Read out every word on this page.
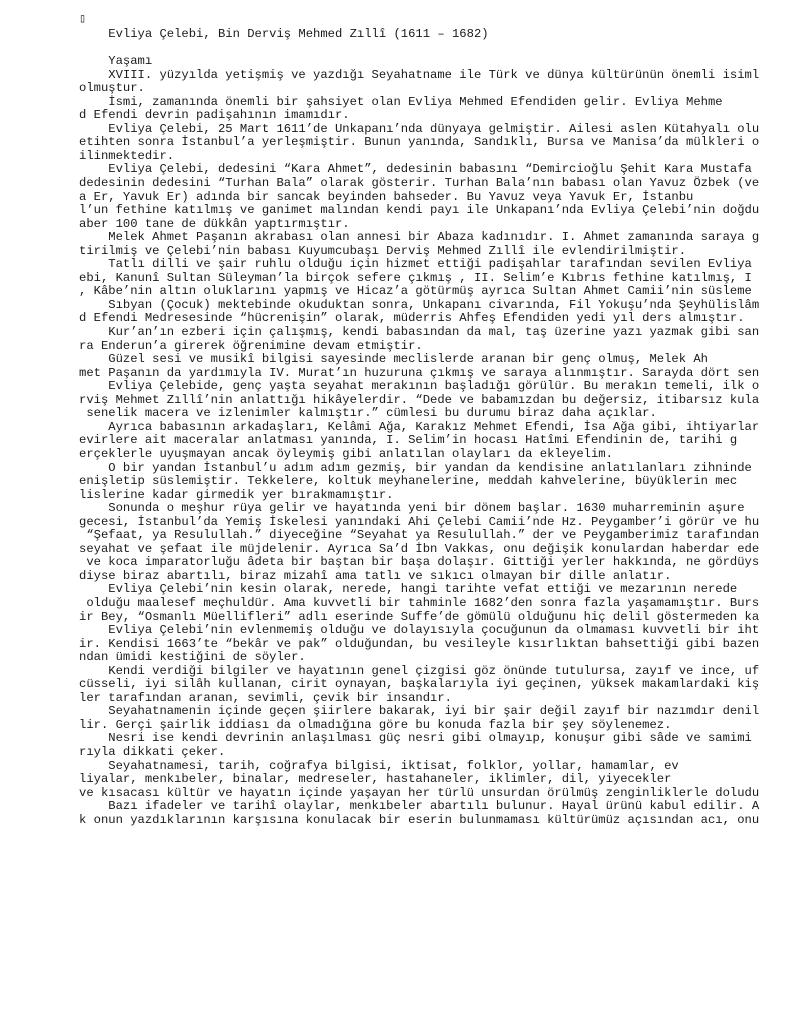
▯
Evliya Çelebi, Bin Derviş Mehmed Zıllî (1611 – 1682)
Yaşamı
XVIII. yüzyılda yetişmiş ve yazdığı Seyahatname ile Türk ve dünya kültürünün önemli isiml
olmuştur.
İsmi, zamanında önemli bir şahsiyet olan Evliya Mehmed Efendiden gelir. Evliya Mehme
d Efendi devrin padişahının imamıdır.
Evliya Çelebi, 25 Mart 1611’de Unkapanı’nda dünyaya gelmiştir. Ailesi aslen Kütahyalı olu
etihten sonra İstanbul’a yerleşmiştir. Bunun yanında, Sandıklı, Bursa ve Manisa’da mülkleri o
ilinmektedir.
Evliya Çelebi, dedesini “Kara Ahmet”, dedesinin babasını “Demircioğlu Şehit Kara Mustafa
dedesinin dedesini “Turhan Bala” olarak gösterir. Turhan Bala’nın babası olan Yavuz Özbek (ve
a Er, Yavuk Er) adında bir sancak beyinden bahseder. Bu Yavuz veya Yavuk Er, İstanbu
l’un fethine katılmış ve ganimet malından kendi payı ile Unkapanı’nda Evliya Çelebi’nin doğdu
aber 100 tane de dükkân yaptırmıştır.
Melek Ahmet Paşanın akrabası olan annesi bir Abaza kadınıdır. I. Ahmet zamanında saraya g
tirilmiş ve Çelebi’nin babası Kuyumcubaşı Derviş Mehmed Zıllî ile evlendirilmiştir.
Tatlı dilli ve şair ruhlu olduğu için hizmet ettiği padişahlar tarafından sevilen Evliya
ebi, Kanunî Sultan Süleyman’la birçok sefere çıkmış , II. Selim’e Kıbrıs fethine katılmış, I
, Kâbe’nin altın oluklarını yapmış ve Hicaz’a götürmüş ayrıca Sultan Ahmet Camii’nin süsleme
Sıbyan (Çocuk) mektebinde okuduktan sonra, Unkapanı civarında, Fil Yokuşu’nda Şeyhülislâm
d Efendi Medresesinde “hücrenişin” olarak, müderris Ahfeş Efendiden yedi yıl ders almıştır.
Kur’an’ın ezberi için çalışmış, kendi babasından da mal, taş üzerine yazı yazmak gibi san
ra Enderun’a girerek öğrenimine devam etmiştir.
Güzel sesi ve musikî bilgisi sayesinde meclislerde aranan bir genç olmuş, Melek Ah
met Paşanın da yardımıyla IV. Murat’ın huzuruna çıkmış ve saraya alınmıştır. Sarayda dört sen
Evliya Çelebide, genç yaşta seyahat merakının başladığı görülür. Bu merakın temeli, ilk o
rviş Mehmet Zıllî’nin anlattığı hikâyelerdir. “Dede ve babamızdan bu değersiz, itibarsız kula
senelik macera ve izlenimler kalmıştır.” cümlesi bu durumu biraz daha açıklar.
Ayrıca babasının arkadaşları, Kelâmi Ağa, Karakız Mehmet Efendi, İsa Ağa gibi, ihtiyarlar
evirlere ait maceralar anlatması yanında, I. Selim’in hocası Hatîmi Efendinin de, tarihi g
erçeklerle uyuşmayan ancak öyleymiş gibi anlatılan olayları da ekleyelim.
O bir yandan İstanbul’u adım adım gezmiş, bir yandan da kendisine anlatılanları zihninde
enişletip süslemiştir. Tekkelere, koltuk meyhanelerine, meddah kahvelerine, büyüklerin mec
lislerine kadar girmedik yer bırakmamıştır.
Sonunda o meşhur rüya gelir ve hayatında yeni bir dönem başlar. 1630 muharreminin aşure
gecesi, İstanbul’da Yemiş İskelesi yanındaki Ahi Çelebi Camii’nde Hz. Peygamber’i görür ve hu
“Şefaat, ya Resulullah.” diyeceğine “Seyahat ya Resulullah.” der ve Peygamberimiz tarafından
seyahat ve şefaat ile müjdelenir. Ayrıca Sa’d İbn Vakkas, onu değişik konulardan haberdar ede
ve koca imparatorluğu âdeta bir baştan bir başa dolaşır. Gittiği yerler hakkında, ne gördüys
diyse biraz abartılı, biraz mizahî ama tatlı ve sıkıcı olmayan bir dille anlatır.
Evliya Çelebi’nin kesin olarak, nerede, hangi tarihte vefat ettiği ve mezarının nerede
olduğu maalesef meçhuldür. Ama kuvvetli bir tahminle 1682’den sonra fazla yaşamamıştır. Burs
ir Bey, “Osmanlı Müellifleri” adlı eserinde Suffe’de gömülü olduğunu hiç delil göstermeden ka
Evliya Çelebi’nin evlenmemiş olduğu ve dolayısıyla çocuğunun da olmaması kuvvetli bir iht
ir. Kendisi 1663’te “bekâr ve pak” olduğundan, bu vesileyle kısırlıktan bahsettiği gibi bazen
ndan ümidi kestiğini de söyler.
Kendi verdiği bilgiler ve hayatının genel çizgisi göz önünde tutulursa, zayıf ve ince, uf
cüsseli, iyi silâh kullanan, cirit oynayan, başkalarıyla iyi geçinen, yüksek makamlardaki kiş
ler tarafından aranan, sevimli, çevik bir insandır.
Seyahatnamenin içinde geçen şiirlere bakarak, iyi bir şair değil zayıf bir nazımdır denil
lir. Gerçi şairlik iddiası da olmadığına göre bu konuda fazla bir şey söylenemez.
Nesri ise kendi devrinin anlaşılması güç nesri gibi olmayıp, konuşur gibi sâde ve samimi
rıyla dikkati çeker.
Seyahatnamesi, tarih, coğrafya bilgisi, iktisat, folklor, yollar, hamamlar, ev
liyalar, menkıbeler, binalar, medreseler, hastahaneler, iklimler, dil, yiyecekler
ve kısacası kültür ve hayatın içinde yaşayan her türlü unsurdan örülmüş zenginliklerle doludu
Bazı ifadeler ve tarihî olaylar, menkıbeler abartılı bulunur. Hayal ürünü kabul edilir. A
k onun yazdıklarının karşısına konulacak bir eserin bulunmaması kültürümüz açısından acı, onu
